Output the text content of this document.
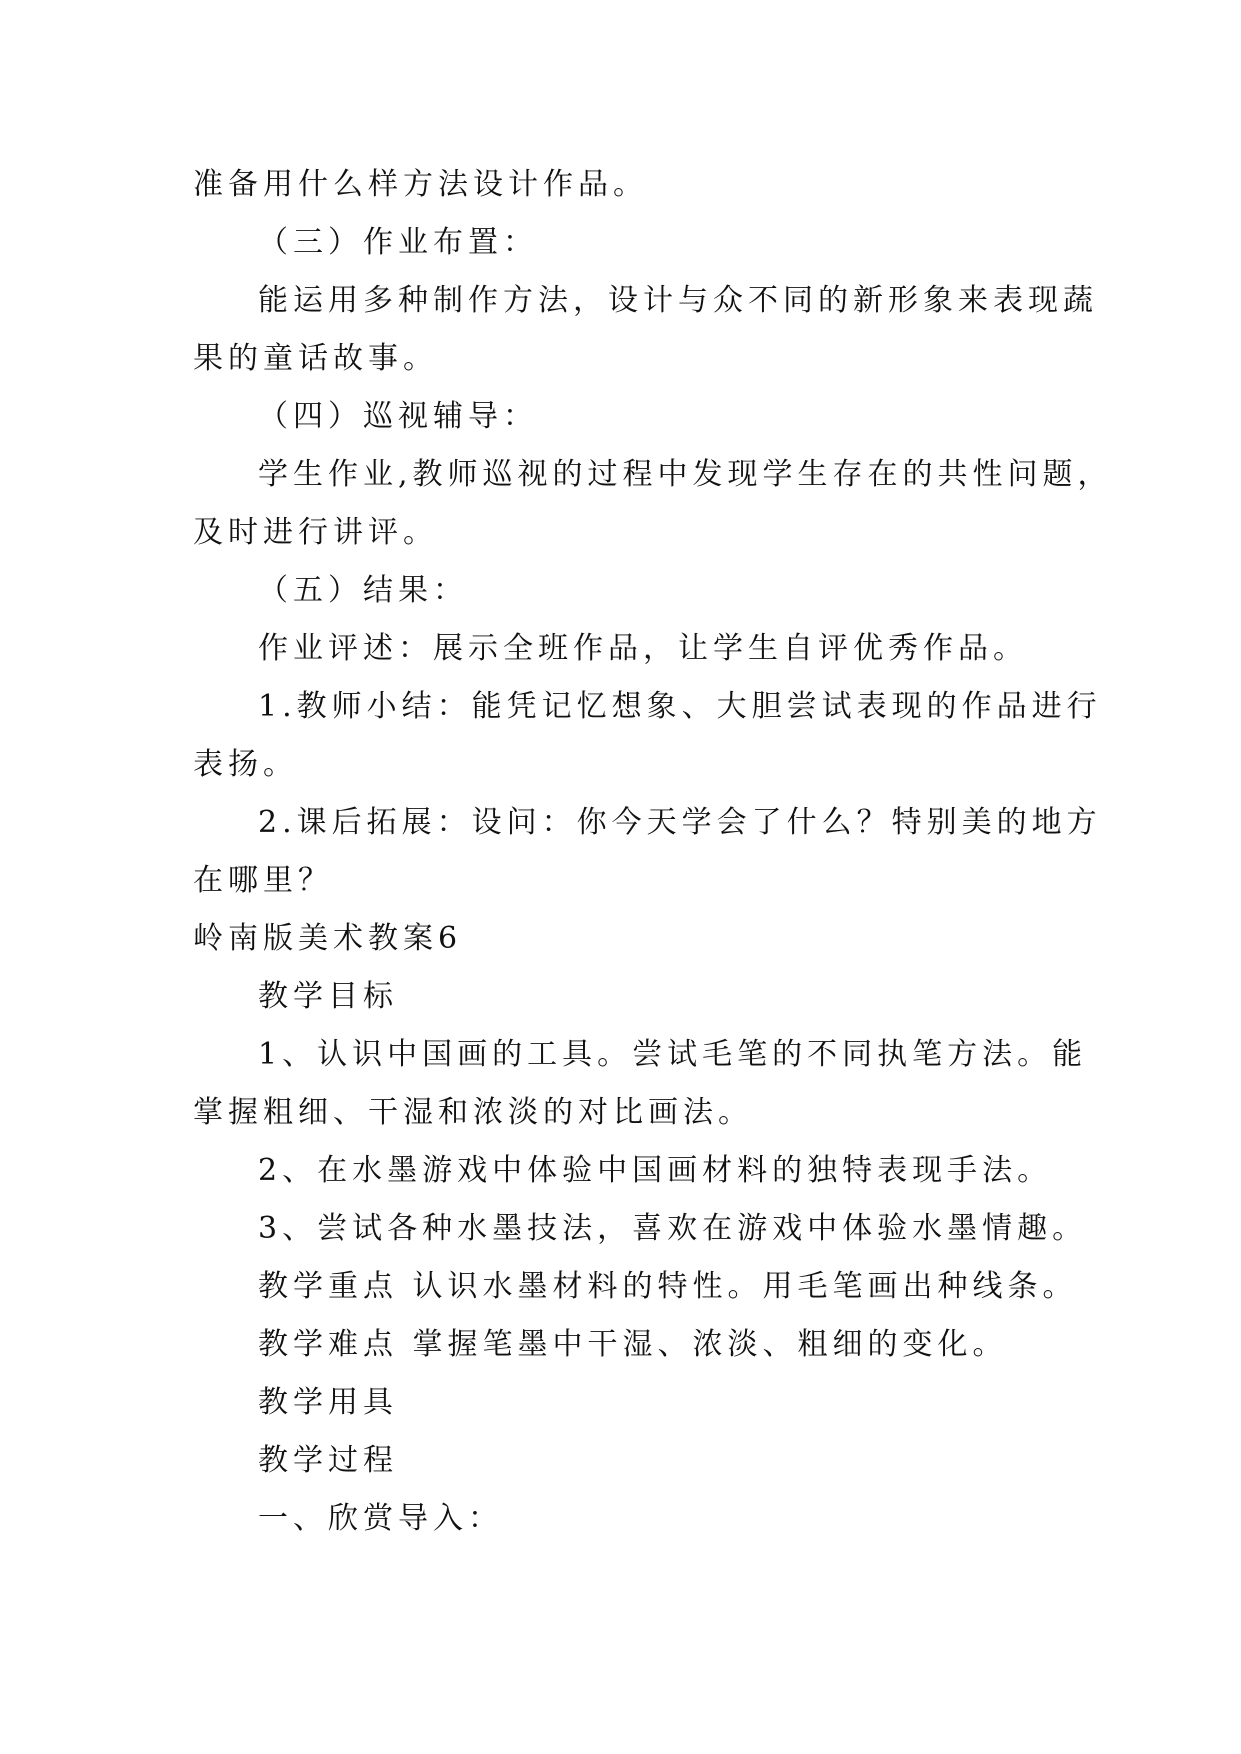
准备用什么样方法设计作品。
（三）作业布置：
能运用多种制作方法，设计与众不同的新形象来表现蔬
果的童话故事。
（四）巡视辅导：
学生作业,教师巡视的过程中发现学生存在的共性问题，
及时进行讲评。
（五）结果：
作业评述：展示全班作品，让学生自评优秀作品。
1.教师小结：能凭记忆想象、大胆尝试表现的作品进行
表扬。
2.课后拓展：设问：你今天学会了什么？特别美的地方
在哪里？
岭南版美术教案6
教学目标
1、认识中国画的工具。尝试毛笔的不同执笔方法。能
掌握粗细、干湿和浓淡的对比画法。
2、在水墨游戏中体验中国画材料的独特表现手法。
3、尝试各种水墨技法，喜欢在游戏中体验水墨情趣。
教学重点 认识水墨材料的特性。用毛笔画出种线条。
教学难点 掌握笔墨中干湿、浓淡、粗细的变化。
教学用具
教学过程
一、欣赏导入：
